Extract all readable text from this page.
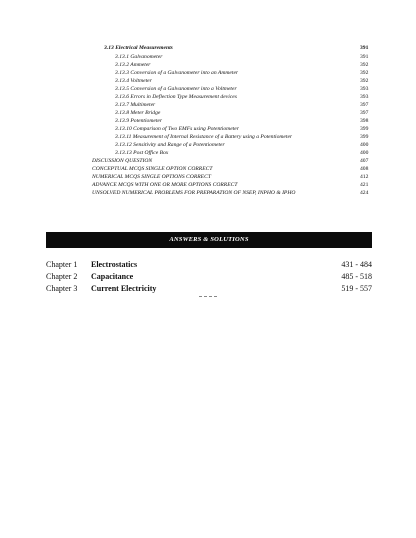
3.13 Electrical Measurements	391
3.13.1 Galvanometer	391
3.13.2 Ammeter	392
3.13.3 Conversion of a Galvanometer into an Ammeter	392
3.13.4 Voltmeter	392
3.13.5 Conversion of a Galvanometer into a Voltmeter	393
3.13.6 Errors in Deflection Type Measurement devices	393
3.13.7 Multimeter	397
3.13.8 Meter Bridge	397
3.13.9 Potentiometer	398
3.13.10 Comparison of Two EMFs using Potentiometer	399
3.13.11 Measurement of Internal Resistance of a Battery using a Potentiometer	399
3.13.12 Sensitivity and Range of a Potentiometer	400
3.13.13 Post Office Box	400
DISCUSSION QUESTION	407
CONCEPTUAL MCQS SINGLE OPTION CORRECT	408
NUMERICAL MCQS SINGLE OPTIONS CORRECT	412
ADVANCE MCQS WITH ONE OR MORE OPTIONS CORRECT	421
UNSOLVED NUMERICAL PROBLEMS FOR PREPARATION OF NSEP, INPHO & IPHO	424
ANSWERS & SOLUTIONS
Chapter 1 Electrostatics	431 - 484
Chapter 2 Capacitance	485 - 518
Chapter 3 Current Electricity	519 - 557
